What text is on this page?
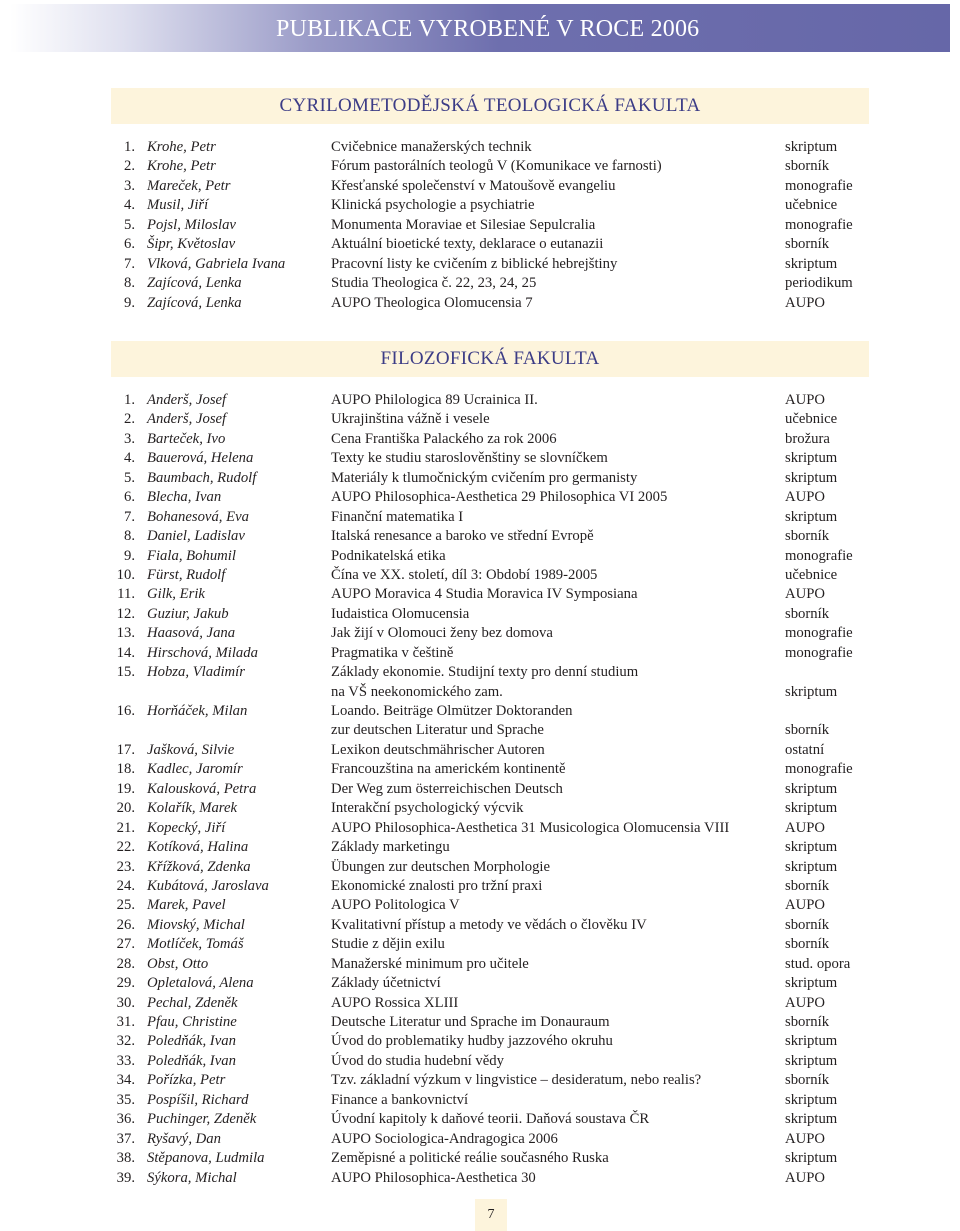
PUBLIKACE VYROBENÉ V ROCE 2006
CYRILOMETODĚJSKÁ TEOLOGICKÁ FAKULTA
1. Krohe, Petr	Cvičebnice manažerských technik	skriptum
2. Krohe, Petr	Fórum pastorálních teologů V (Komunikace ve farnosti)	sborník
3. Mareček, Petr	Křesťanské společenství v Matoušově evangeliu	monografie
4. Musil, Jiří	Klinická psychologie a psychiatrie	učebnice
5. Pojsl, Miloslav	Monumenta Moraviae et Silesiae Sepulcralia	monografie
6. Šipr, Květoslav	Aktuální bioetické texty, deklarace o eutanazii	sborník
7. Vlková, Gabriela Ivana	Pracovní listy ke cvičením z biblické hebrejštiny	skriptum
8. Zajícová, Lenka	Studia Theologica č. 22, 23, 24, 25	periodikum
9. Zajícová, Lenka	AUPO Theologica Olomucensia 7	AUPO
FILOZOFICKÁ FAKULTA
1. Anderš, Josef	AUPO Philologica 89 Ucrainica II.	AUPO
2. Anderš, Josef	Ukrajinština vážně i vesele	učebnice
3. Barteček, Ivo	Cena Františka Palackého za rok 2006	brožura
4. Bauerová, Helena	Texty ke studiu staroslověnštiny se slovníčkem	skriptum
5. Baumbach, Rudolf	Materiály k tlumočnickým cvičením pro germanisty	skriptum
6. Blecha, Ivan	AUPO Philosophica-Aesthetica 29 Philosophica VI 2005	AUPO
7. Bohanesová, Eva	Finanční matematika I	skriptum
8. Daniel, Ladislav	Italská renesance a baroko ve střední Evropě	sborník
9. Fiala, Bohumil	Podnikatelská etika	monografie
10. Fürst, Rudolf	Čína ve XX. století, díl 3: Období 1989-2005	učebnice
11. Gilk, Erik	AUPO Moravica 4 Studia Moravica IV Symposiana	AUPO
12. Guziur, Jakub	Iudaistica Olomucensia	sborník
13. Haasová, Jana	Jak žijí v Olomouci ženy bez domova	monografie
14. Hirschová, Milada	Pragmatika v češtině	monografie
15. Hobza, Vladimír	Základy ekonomie. Studijní texty pro denní studium
na VŠ neekonomického zam.	skriptum
16. Horňáček, Milan	Loando. Beiträge Olmützer Doktoranden
zur deutschen Literatur und Sprache	sborník
17. Jašková, Silvie	Lexikon deutschmährischer Autoren	ostatní
18. Kadlec, Jaromír	Francouzština na americkém kontinentě	monografie
19. Kalousková, Petra	Der Weg zum österreichischen Deutsch	skriptum
20. Kolařík, Marek	Interakční psychologický výcvik	skriptum
21. Kopecký, Jiří	AUPO Philosophica-Aesthetica 31 Musicologica Olomucensia VIII	AUPO
22. Kotíková, Halina	Základy marketingu	skriptum
23. Křížková, Zdenka	Übungen zur deutschen Morphologie	skriptum
24. Kubátová, Jaroslava	Ekonomické znalosti pro tržní praxi	sborník
25. Marek, Pavel	AUPO Politologica V	AUPO
26. Miovský, Michal	Kvalitativní přístup a metody ve vědách o člověku IV	sborník
27. Motlíček, Tomáš	Studie z dějin exilu	sborník
28. Obst, Otto	Manažerské minimum pro učitele	stud. opora
29. Opletalová, Alena	Základy účetnictví	skriptum
30. Pechal, Zdeněk	AUPO Rossica XLIII	AUPO
31. Pfau, Christine	Deutsche Literatur und Sprache im Donauraum	sborník
32. Poledňák, Ivan	Úvod do problematiky hudby jazzového okruhu	skriptum
33. Poledňák, Ivan	Úvod do studia hudební vědy	skriptum
34. Pořízka, Petr	Tzv. základní výzkum v lingvistice – desideratum, nebo realis?	sborník
35. Pospíšil, Richard	Finance a bankovnictví	skriptum
36. Puchinger, Zdeněk	Úvodní kapitoly k daňové teorii. Daňová soustava ČR	skriptum
37. Ryšavý, Dan	AUPO Sociologica-Andragogica 2006	AUPO
38. Stěpanova, Ludmila	Zeměpisné a politické reálie současného Ruska	skriptum
39. Sýkora, Michal	AUPO Philosophica-Aesthetica 30	AUPO
7
